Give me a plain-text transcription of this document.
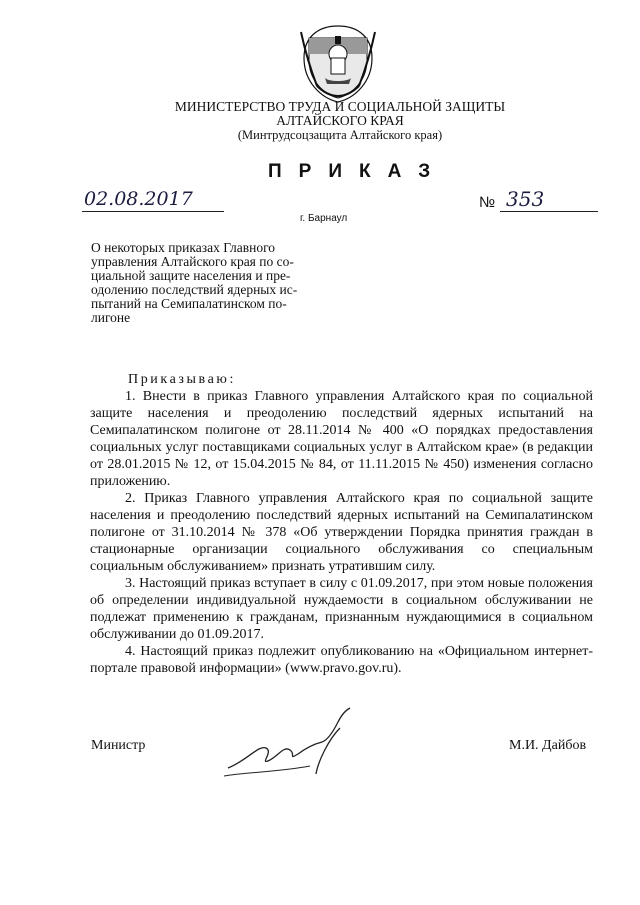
МИНИСТЕРСТВО ТРУДА И СОЦИАЛЬНОЙ ЗАЩИТЫ
АЛТАЙСКОГО КРАЯ
(Минтрудсоцзащита Алтайского края)
ПРИКАЗ
02.08.2017	№ 353
г. Барнаул
О некоторых приказах Главного
управления Алтайского края по со-
циальной защите населения и пре-
одолению последствий ядерных ис-
пытаний на Семипалатинском по-
лигоне
Приказываю:

1. Внести в приказ Главного управления Алтайского края по социальной защите населения и преодолению последствий ядерных испытаний на Семипалатинском полигоне от 28.11.2014 № 400 «О порядках предоставления социальных услуг поставщиками социальных услуг в Алтайском крае» (в редакции от 28.01.2015 № 12, от 15.04.2015 № 84, от 11.11.2015 № 450) изменения согласно приложению.

2. Приказ Главного управления Алтайского края по социальной защите населения и преодолению последствий ядерных испытаний на Семипалатинском полигоне от 31.10.2014 № 378 «Об утверждении Порядка принятия граждан в стационарные организации социального обслуживания со специальным социальным обслуживанием» признать утратившим силу.

3. Настоящий приказ вступает в силу с 01.09.2017, при этом новые положения об определении индивидуальной нуждаемости в социальном обслуживании не подлежат применению к гражданам, признанным нуждающимися в социальном обслуживании до 01.09.2017.

4. Настоящий приказ подлежит опубликованию на «Официальном интернет-портале правовой информации» (www.pravo.gov.ru).

Министр	М.И. Дайбов
